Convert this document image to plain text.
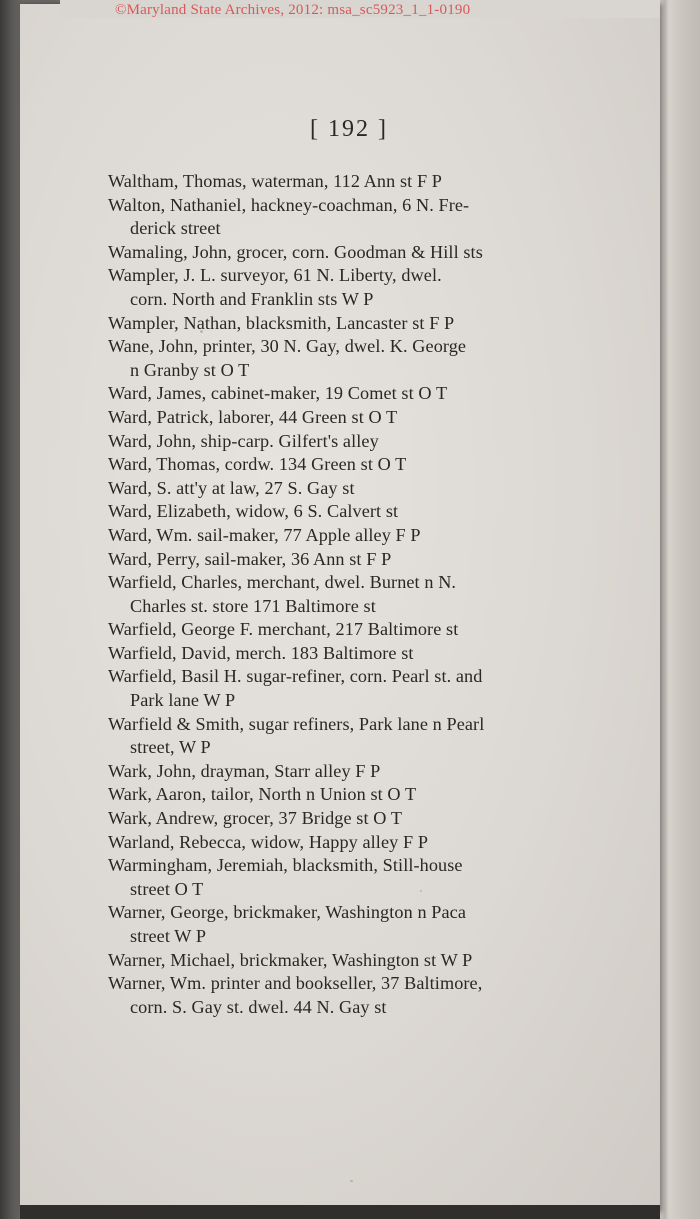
©Maryland State Archives, 2012: msa_sc5923_1_1-0190
[ 192 ]
Waltham, Thomas, waterman, 112 Ann st F P
Walton, Nathaniel, hackney-coachman, 6 N. Fre-
derick street
Wamaling, John, grocer, corn. Goodman & Hill sts
Wampler, J. L. surveyor, 61 N. Liberty, dwel.
corn. North and Franklin sts W P
Wampler, Nathan, blacksmith, Lancaster st F P
Wane, John, printer, 30 N. Gay, dwel. K. George
n Granby st O T
Ward, James, cabinet-maker, 19 Comet st O T
Ward, Patrick, laborer, 44 Green st O T
Ward, John, ship-carp. Gilfert's alley
Ward, Thomas, cordw. 134 Green st O T
Ward, S. att'y at law, 27 S. Gay st
Ward, Elizabeth, widow, 6 S. Calvert st
Ward, Wm. sail-maker, 77 Apple alley F P
Ward, Perry, sail-maker, 36 Ann st F P
Warfield, Charles, merchant, dwel. Burnet n N.
Charles st. store 171 Baltimore st
Warfield, George F. merchant, 217 Baltimore st
Warfield, David, merch. 183 Baltimore st
Warfield, Basil H. sugar-refiner, corn. Pearl st. and
Park lane W P
Warfield & Smith, sugar refiners, Park lane n Pearl
street, W P
Wark, John, drayman, Starr alley F P
Wark, Aaron, tailor, North n Union st O T
Wark, Andrew, grocer, 37 Bridge st O T
Warland, Rebecca, widow, Happy alley F P
Warmingham, Jeremiah, blacksmith, Still-house
street O T
Warner, George, brickmaker, Washington n Paca
street W P
Warner, Michael, brickmaker, Washington st W P
Warner, Wm. printer and bookseller, 37 Baltimore,
corn. S. Gay st. dwel. 44 N. Gay st
